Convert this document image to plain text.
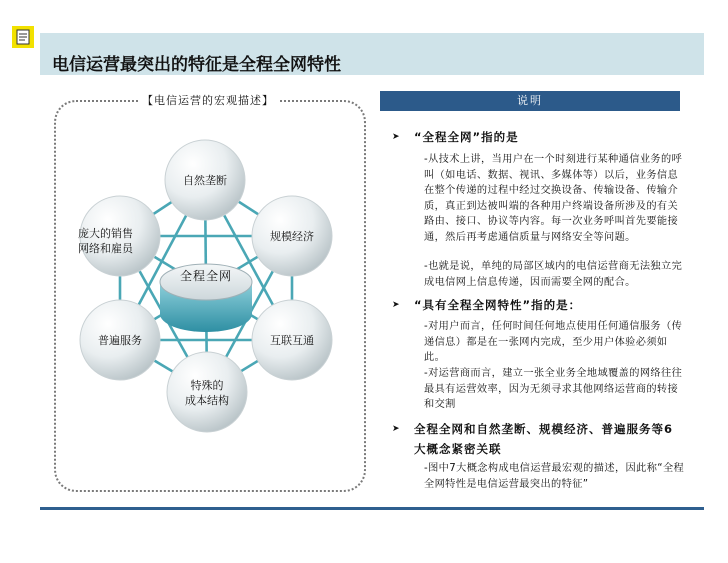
电信运营最突出的特征是全程全网特性
【电信运营的宏观描述】
自然垄断
规模经济
互联互通
特殊的
成本结构
普遍服务
庞大的销售
网络和雇员
全程全网
说明
➤ “全程全网”指的是
-从技术上讲，当用户在一个时刻进行某种通信业务的呼叫（如电话、数据、视讯、多媒体等）以后，业务信息在整个传递的过程中经过交换设备、传输设备、传输介质，真正到达被叫端的各种用户终端设备所涉及的有关路由、接口、协议等内容。每一次业务呼叫首先要能接通，然后再考虑通信质量与网络安全等问题。
-也就是说，单纯的局部区域内的电信运营商无法独立完成电信网上信息传递，因而需要全网的配合。
➤ “具有全程全网特性”指的是：
-对用户而言，任何时间任何地点使用任何通信服务（传递信息）都是在一张网内完成，至少用户体验必须如此。
-对运营商而言，建立一张全业务全地域覆盖的网络往往最具有运营效率，因为无须寻求其他网络运营商的转接和交割
➤ 全程全网和自然垄断、规模经济、普遍服务等6大概念紧密关联
-图中7大概念构成电信运营最宏观的描述，因此称“全程全网特性是电信运营最突出的特征”
